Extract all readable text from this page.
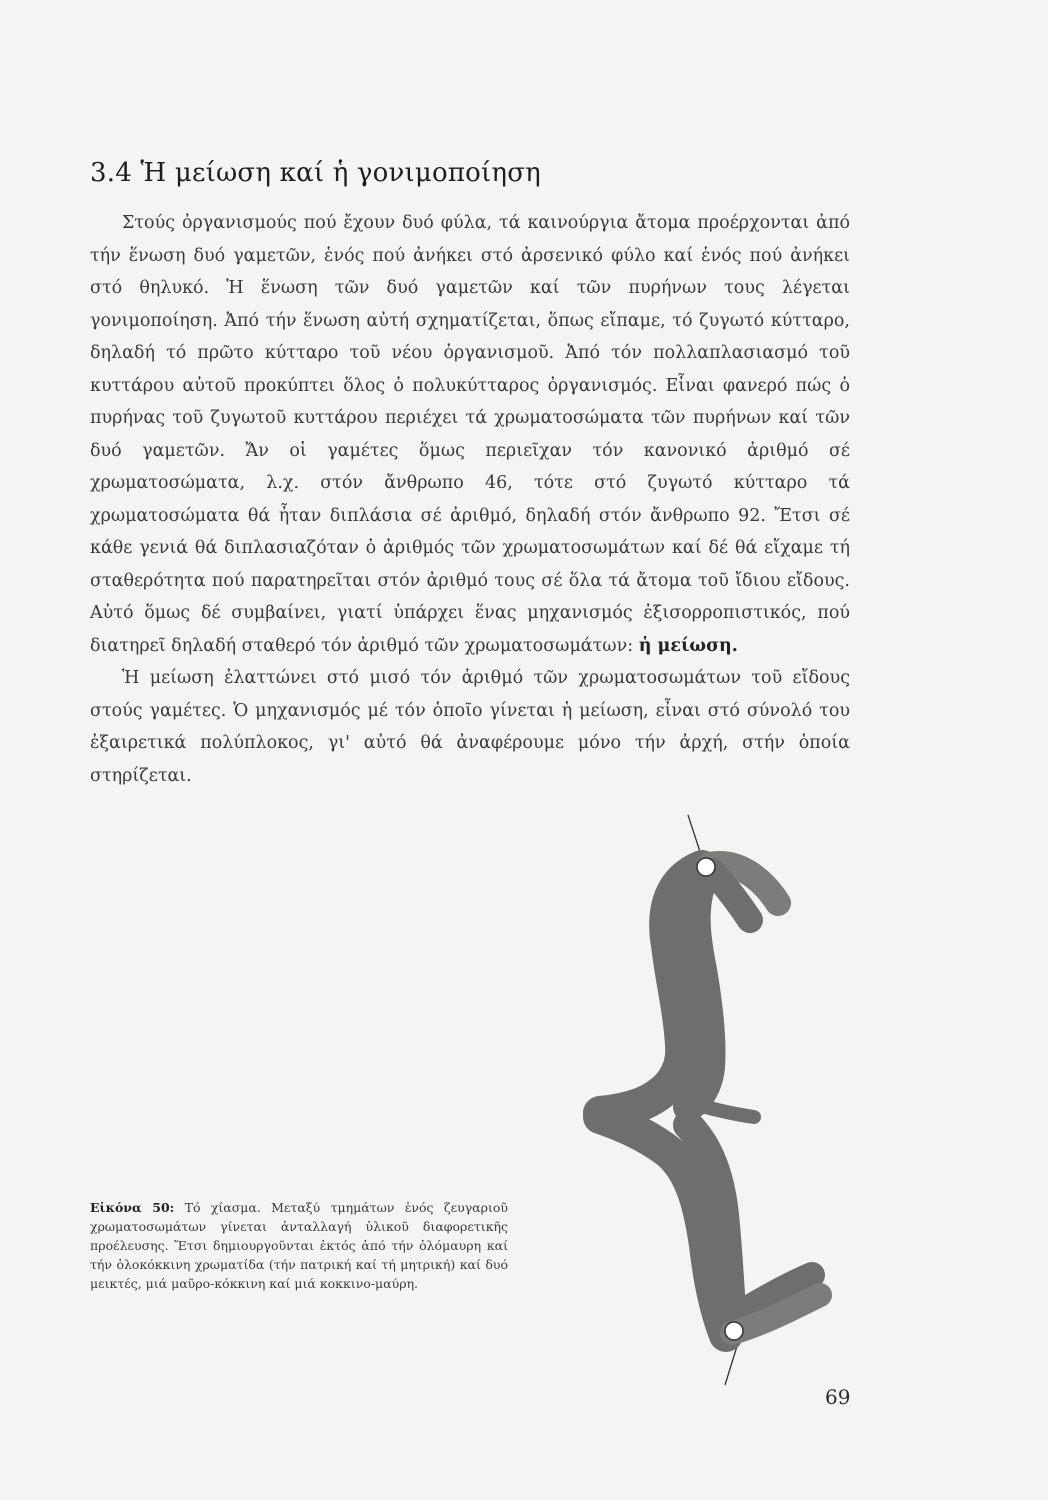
3.4 Ἡ μείωση καί ἡ γονιμοποίηση

Στούς ὀργανισμούς πού ἔχουν δυό φύλα, τά καινούργια ἄτομα προέρχονται ἀπό τήν ἕνωση δυό γαμετῶν, ἑνός πού ἀνήκει στό ἀρσενικό φύλο καί ἑνός πού ἀνήκει στό θηλυκό. Ἡ ἕνωση τῶν δυό γαμετῶν καί τῶν πυρήνων τους λέγεται γονιμοποίηση. Ἀπό τήν ἕνωση αὐτή σχηματίζεται, ὅπως εἴπαμε, τό ζυγωτό κύτταρο, δηλαδή τό πρῶτο κύτταρο τοῦ νέου ὀργανισμοῦ. Ἀπό τόν πολλαπλασιασμό τοῦ κυττάρου αὐτοῦ προκύπτει ὅλος ὁ πολυκύτταρος ὀργανισμός. Εἶναι φανερό πώς ὁ πυρήνας τοῦ ζυγωτοῦ κυττάρου περιέχει τά χρωματοσώματα τῶν πυρήνων καί τῶν δυό γαμετῶν. Ἄν οἱ γαμέτες ὅμως περιεῖχαν τόν κανονικό ἀριθμό σέ χρωματοσώματα, λ.χ. στόν ἄνθρωπο 46, τότε στό ζυγωτό κύτταρο τά χρωματοσώματα θά ἦταν διπλάσια σέ ἀριθμό, δηλαδή στόν ἄνθρωπο 92. Ἔτσι σέ κάθε γενιά θά διπλασιαζόταν ὁ ἀριθμός τῶν χρωματοσωμάτων καί δέ θά εἴχαμε τή σταθερότητα πού παρατηρεῖται στόν ἀριθμό τους σέ ὅλα τά ἄτομα τοῦ ἴδιου εἴδους. Αὐτό ὅμως δέ συμβαίνει, γιατί ὑπάρχει ἕνας μηχανισμός ἐξισορροπιστικός, πού διατηρεῖ δηλαδή σταθερό τόν ἀριθμό τῶν χρωματοσωμάτων: ἡ μείωση.

Ἡ μείωση ἐλαττώνει στό μισό τόν ἀριθμό τῶν χρωματοσωμάτων τοῦ εἴδους στούς γαμέτες. Ὁ μηχανισμός μέ τόν ὁποῖο γίνεται ἡ μείωση, εἶναι στό σύνολό του ἐξαιρετικά πολύπλοκος, γι' αὐτό θά ἀναφέρουμε μόνο τήν ἀρχή, στήν ὁποία στηρίζεται.

Εἰκόνα 50: Τό χίασμα. Μεταξύ τμημάτων ἑνός ζευγαριοῦ χρωματοσωμάτων γίνεται ἀνταλλαγή ὑλικοῦ διαφορετικῆς προέλευσης. Ἔτσι δημιουργοῦνται ἐκτός ἀπό τήν ὁλόμαυρη καί τήν ὁλοκόκκινη χρωματίδα (τήν πατρική καί τή μητρική) καί δυό μεικτές, μιά μαῦρο-κόκκινη καί μιά κοκκινο-μαύρη.
69
